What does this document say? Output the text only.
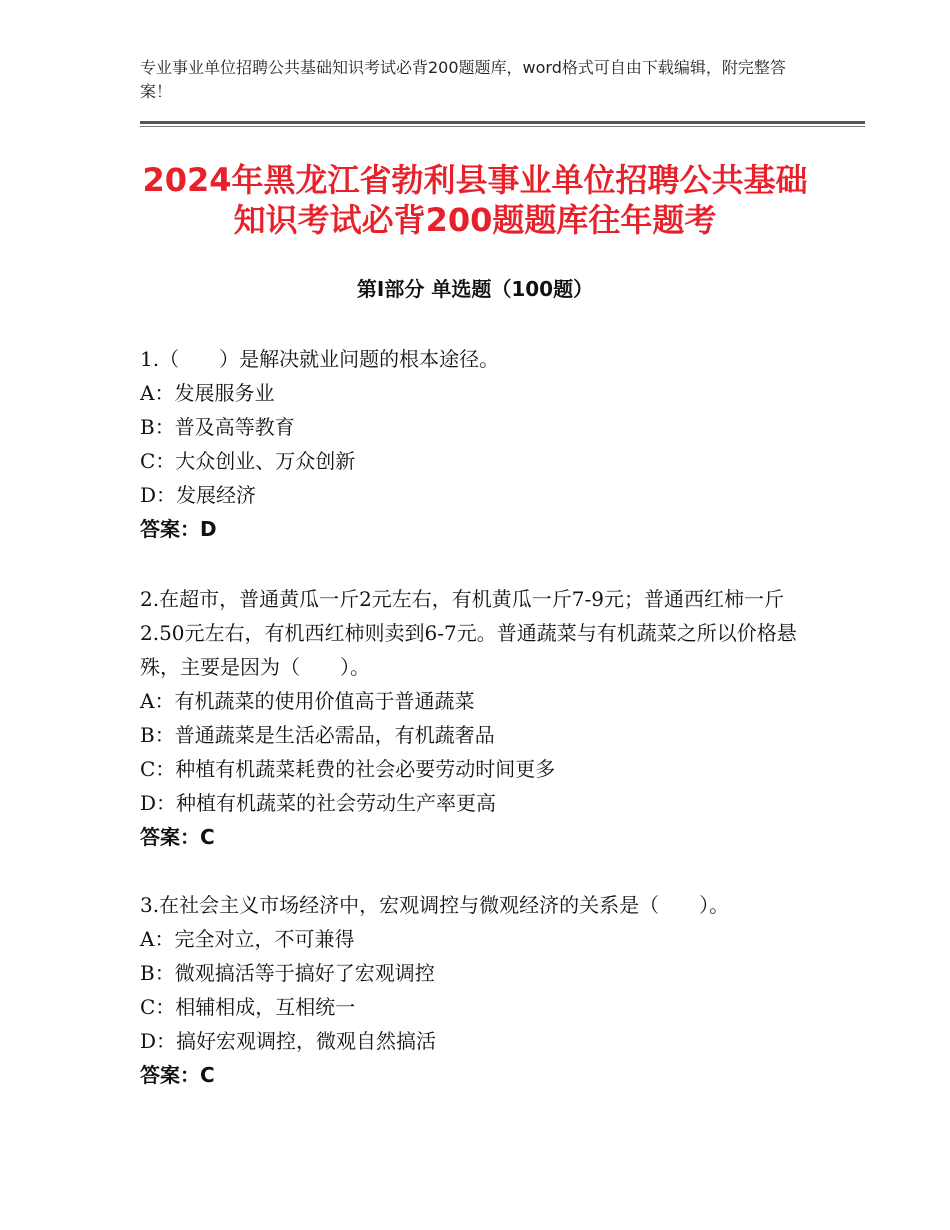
专业事业单位招聘公共基础知识考试必背200题题库，word格式可自由下载编辑，附完整答案！
2024年黑龙江省勃利县事业单位招聘公共基础知识考试必背200题题库往年题考
第Ⅰ部分 单选题（100题）
1.（　　）是解决就业问题的根本途径。
A：发展服务业
B：普及高等教育
C：大众创业、万众创新
D：发展经济
答案：D
2.在超市，普通黄瓜一斤2元左右，有机黄瓜一斤7-9元；普通西红柿一斤2.50元左右，有机西红柿则卖到6-7元。普通蔬菜与有机蔬菜之所以价格悬殊，主要是因为（　　）。
A：有机蔬菜的使用价值高于普通蔬菜
B：普通蔬菜是生活必需品，有机蔬奢品
C：种植有机蔬菜耗费的社会必要劳动时间更多
D：种植有机蔬菜的社会劳动生产率更高
答案：C
3.在社会主义市场经济中，宏观调控与微观经济的关系是（　　）。
A：完全对立，不可兼得
B：微观搞活等于搞好了宏观调控
C：相辅相成，互相统一
D：搞好宏观调控，微观自然搞活
答案：C
